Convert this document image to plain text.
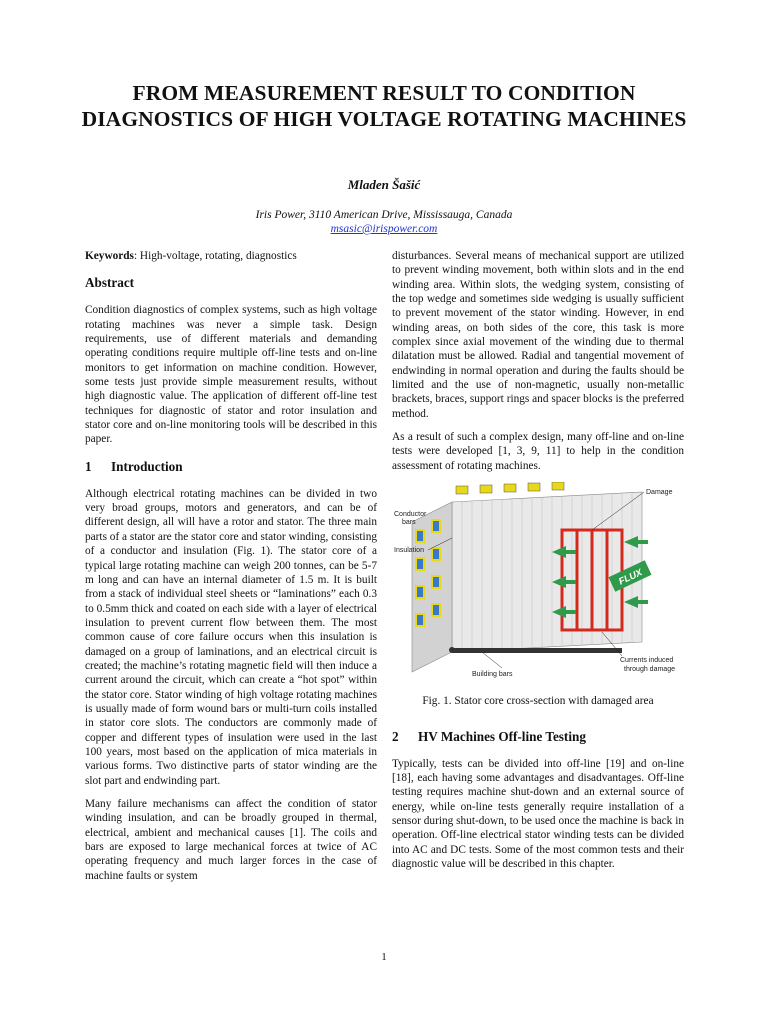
FROM MEASUREMENT RESULT TO CONDITION DIAGNOSTICS OF HIGH VOLTAGE ROTATING MACHINES
Mladen Šašić
Iris Power, 3110 American Drive, Mississauga, Canada
msasic@irispower.com

Keywords: High-voltage, rotating, diagnostics

Abstract

Condition diagnostics of complex systems, such as high voltage rotating machines was never a simple task. Design requirements, use of different materials and demanding operating conditions require multiple off-line tests and on-line monitors to get information on machine condition. However, some tests just provide simple measurement results, without high diagnostic value. The application of different off-line test techniques for diagnostic of stator and rotor insulation and stator core and on-line monitoring tools will be described in this paper.

1 Introduction

Although electrical rotating machines can be divided in two very broad groups, motors and generators, and can be of different design, all will have a rotor and stator. The three main parts of a stator are the stator core and stator winding, consisting of a conductor and insulation (Fig. 1). The stator core of a typical large rotating machine can weigh 200 tonnes, can be 5-7 m long and can have an internal diameter of 1.5 m. It is built from a stack of individual steel sheets or “laminations” each 0.3 to 0.5mm thick and coated on each side with a layer of electrical insulation to prevent current flow between them. The most common cause of core failure occurs when this insulation is damaged on a group of laminations, and an electrical circuit is created; the machine’s rotating magnetic field will then induce a current around the circuit, which can create a “hot spot” within the stator core. Stator winding of high voltage rotating machines is usually made of form wound bars or multi-turn coils installed in stator core slots. The conductors are commonly made of copper and different types of insulation were used in the last 100 years, most based on the application of mica materials in various forms. Two distinctive parts of stator winding are the slot part and endwinding part.

Many failure mechanisms can affect the condition of stator winding insulation, and can be broadly grouped in thermal, electrical, ambient and mechanical causes [1]. The coils and bars are exposed to large mechanical forces at twice of AC operating frequency and much larger forces in the case of machine faults or system

disturbances. Several means of mechanical support are utilized to prevent winding movement, both within slots and in the end winding area. Within slots, the wedging system, consisting of the top wedge and sometimes side wedging is usually sufficient to prevent movement of the stator winding. However, in end winding areas, on both sides of the core, this task is more complex since axial movement of the winding due to thermal dilatation must be allowed. Radial and tangential movement of endwinding in normal operation and during the faults should be limited and the use of non-magnetic, usually non-metallic brackets, braces, support rings and spacer blocks is the preferred method.

As a result of such a complex design, many off-line and on-line tests were developed [1, 3, 9, 11] to help in the condition assessment of rotating machines.

FLUX
Conductor
bars
Insulation
Damage
Building bars
Currents induced
through damage
Fig. 1. Stator core cross-section with damaged area
2 HV Machines Off-line Testing

Typically, tests can be divided into off-line [19] and on-line [18], each having some advantages and disadvantages. Off-line testing requires machine shut-down and an external source of energy, while on-line tests generally require installation of a sensor during shut-down, to be used once the machine is back in operation. Off-line electrical stator winding tests can be divided into AC and DC tests. Some of the most common tests and their diagnostic value will be described in this chapter.

1
